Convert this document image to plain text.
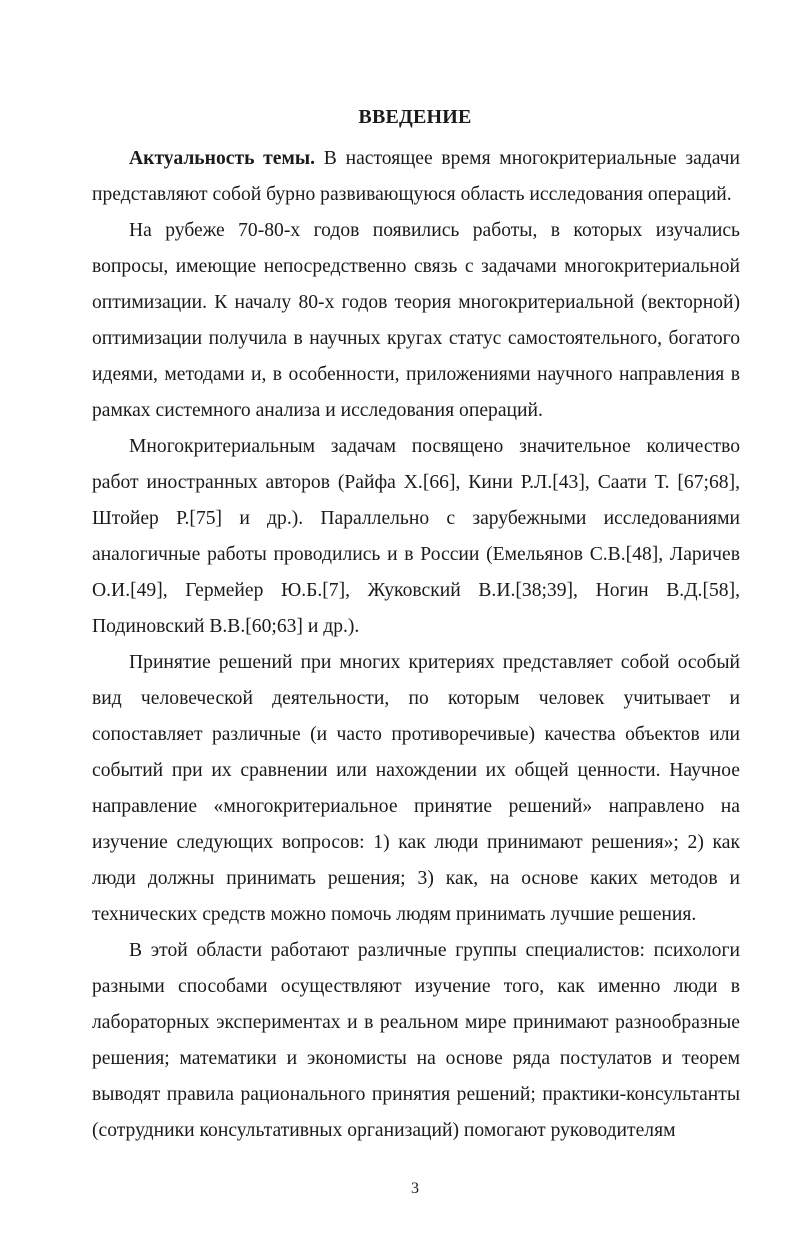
ВВЕДЕНИЕ

Актуальность темы. В настоящее время многокритериальные задачи представляют собой бурно развивающуюся область исследования операций.

На рубеже 70-80-х годов появились работы, в которых изучались вопросы, имеющие непосредственно связь с задачами многокритериальной оптимизации. К началу 80-х годов теория многокритериальной (векторной) оптимизации получила в научных кругах статус самостоятельного, богатого идеями, методами и, в особенности, приложениями научного направления в рамках системного анализа и исследования операций.

Многокритериальным задачам посвящено значительное количество работ иностранных авторов (Райфа Х.[66], Кини Р.Л.[43], Саати Т. [67;68], Штойер Р.[75] и др.). Параллельно с зарубежными исследованиями аналогичные работы проводились и в России (Емельянов С.В.[48], Ларичев О.И.[49], Гермейер Ю.Б.[7], Жуковский В.И.[38;39], Ногин В.Д.[58], Подиновский В.В.[60;63] и др.).

Принятие решений при многих критериях представляет собой особый вид человеческой деятельности, по которым человек учитывает и сопоставляет различные (и часто противоречивые) качества объектов или событий при их сравнении или нахождении их общей ценности. Научное направление «многокритериальное принятие решений» направлено на изучение следующих вопросов: 1) как люди принимают решения»; 2) как люди должны принимать решения; 3) как, на основе каких методов и технических средств можно помочь людям принимать лучшие решения.

В этой области работают различные группы специалистов: психологи разными способами осуществляют изучение того, как именно люди в лабораторных экспериментах и в реальном мире принимают разнообразные решения; математики и экономисты на основе ряда постулатов и теорем выводят правила рационального принятия решений; практики-консультанты (сотрудники консультативных организаций) помогают руководителям

3
